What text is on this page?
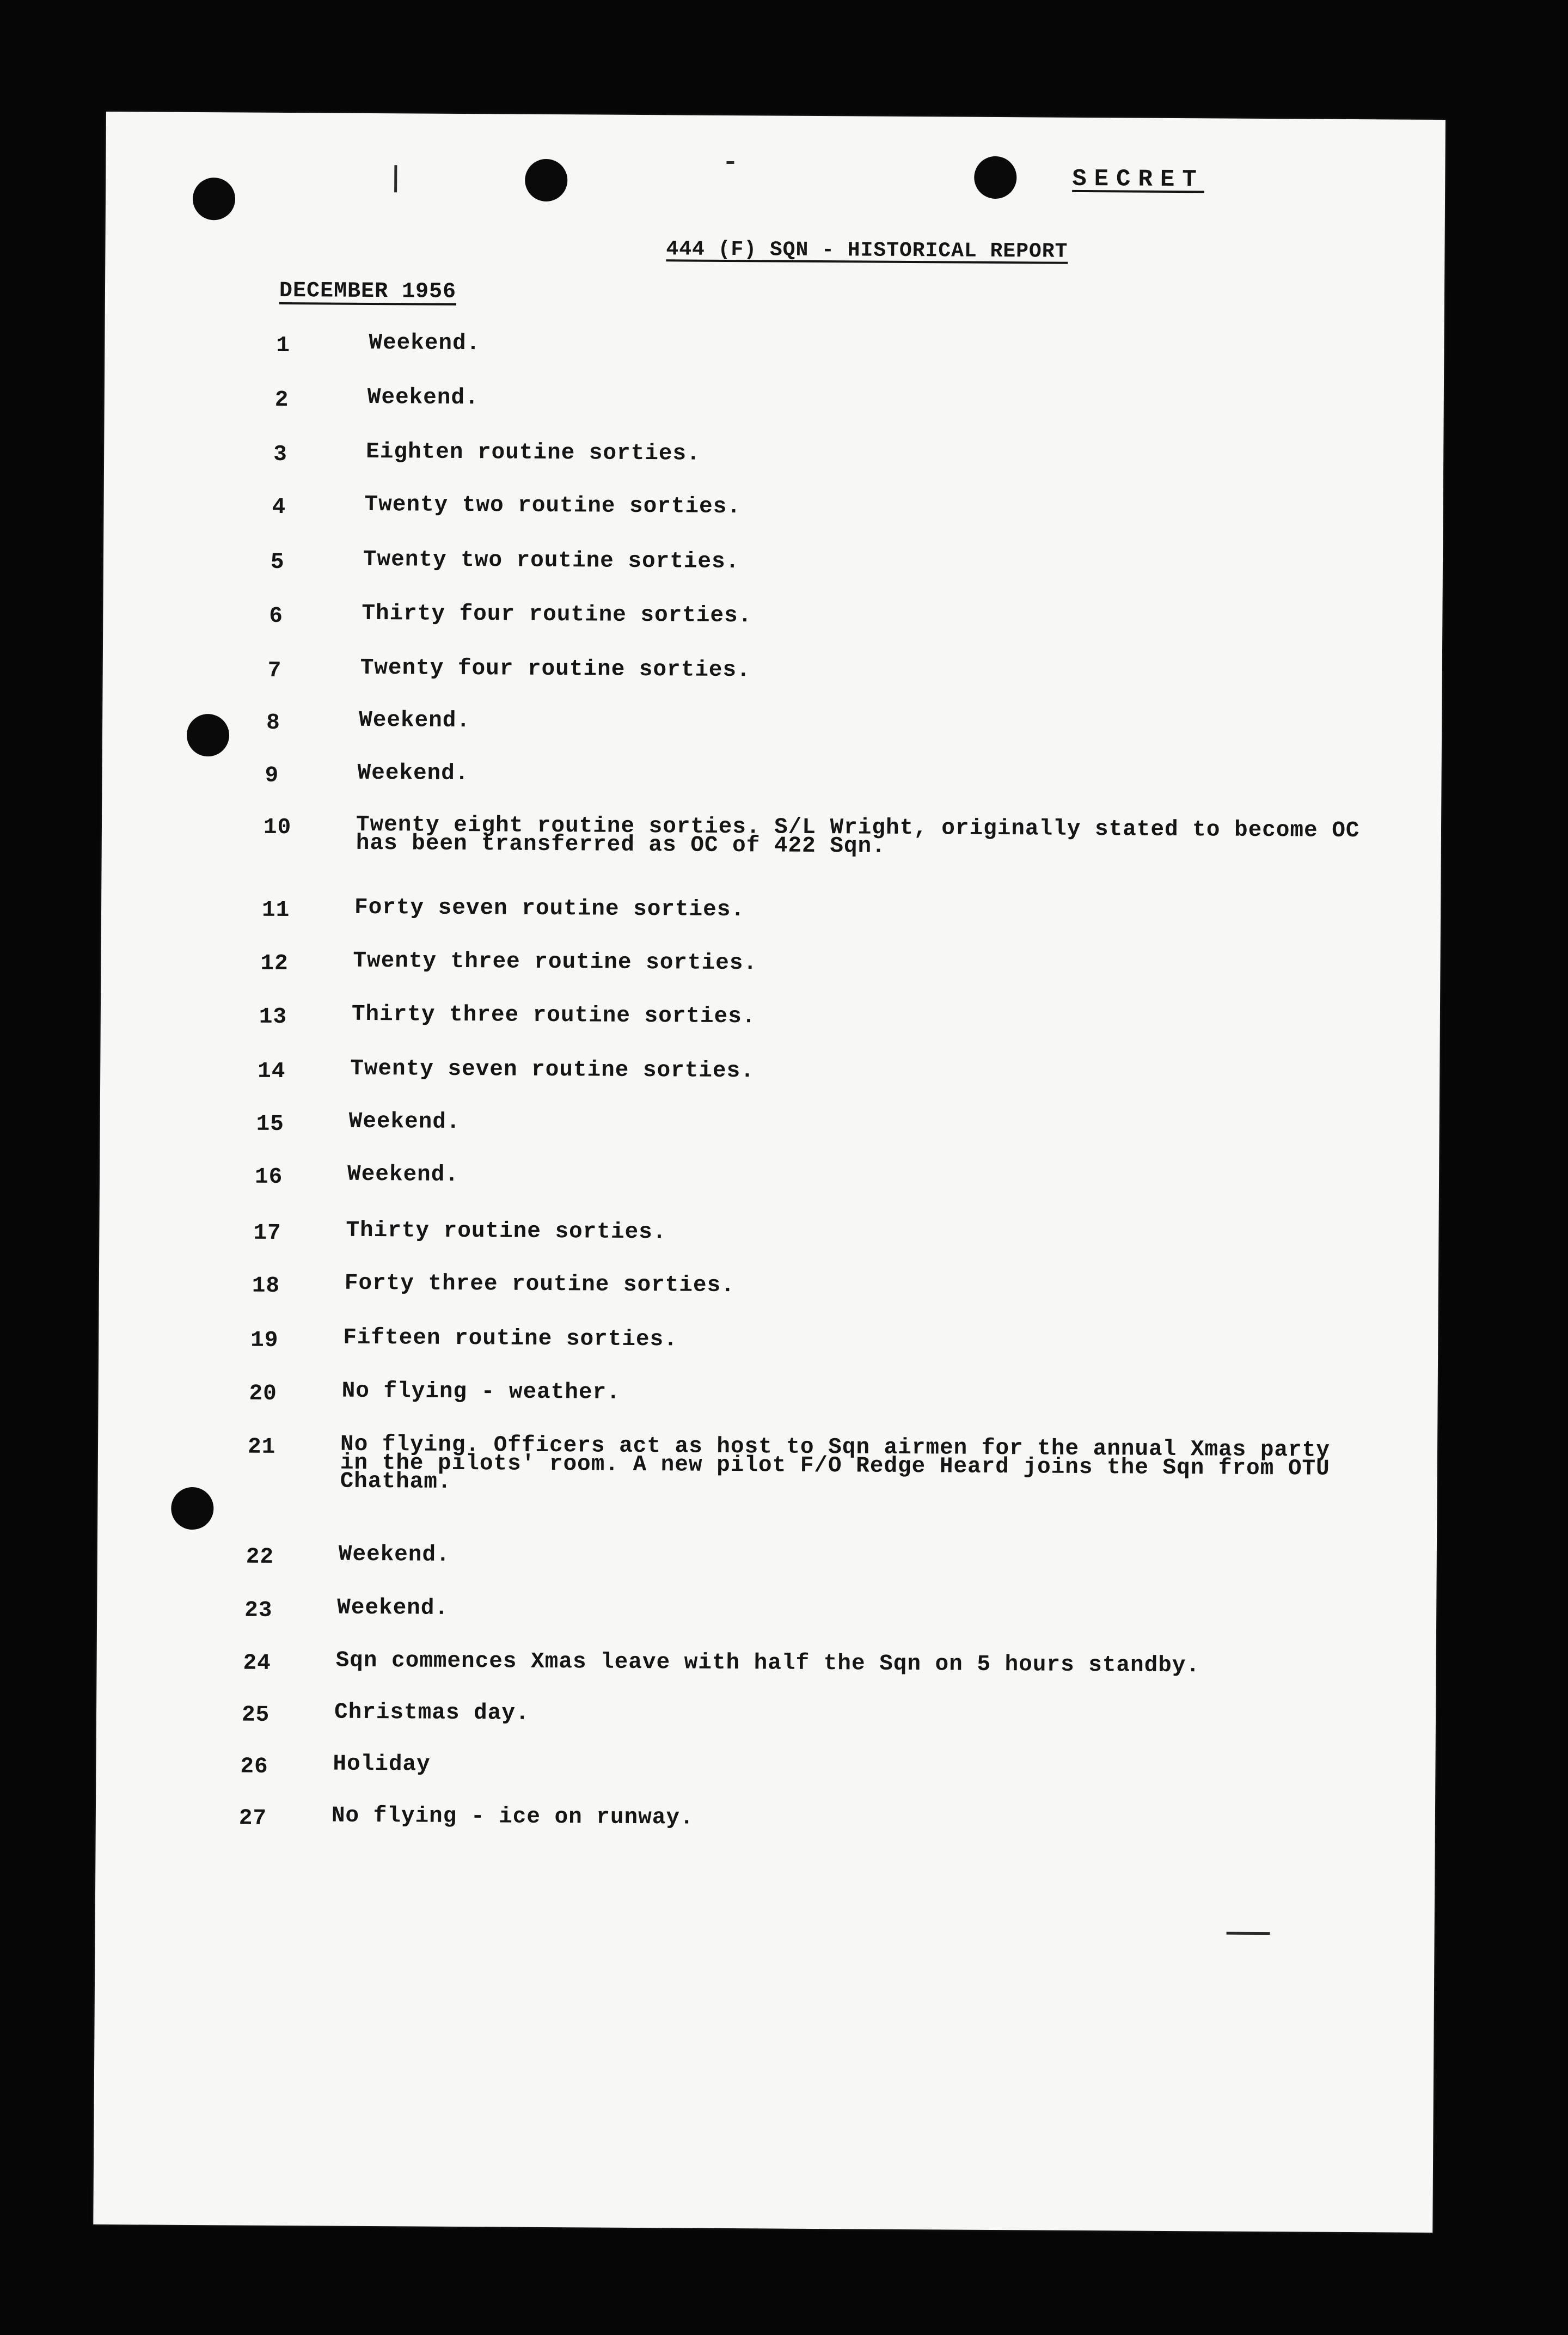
SECRET
444 (F) SQN - HISTORICAL REPORT
DECEMBER 1956
1	Weekend.
2	Weekend.
3	Eighten routine sorties.
4	Twenty two routine sorties.
5	Twenty two routine sorties.
6	Thirty four routine sorties.
7	Twenty four routine sorties.
8	Weekend.
9	Weekend.
10	Twenty eight routine sorties. S/L Wright, originally stated to become OC has been transferred as OC of 422 Sqn.
11	Forty seven routine sorties.
12	Twenty three routine sorties.
13	Thirty three routine sorties.
14	Twenty seven routine sorties.
15	Weekend.
16	Weekend.
17	Thirty routine sorties.
18	Forty three routine sorties.
19	Fifteen routine sorties.
20	No flying - weather.
21	No flying. Officers act as host to Sqn airmen for the annual Xmas party in the pilots' room. A new pilot F/O Redge Heard joins the Sqn from OTU Chatham.
22	Weekend.
23	Weekend.
24	Sqn commences Xmas leave with half the Sqn on 5 hours standby.
25	Christmas day.
26	Holiday
27	No flying - ice on runway.
